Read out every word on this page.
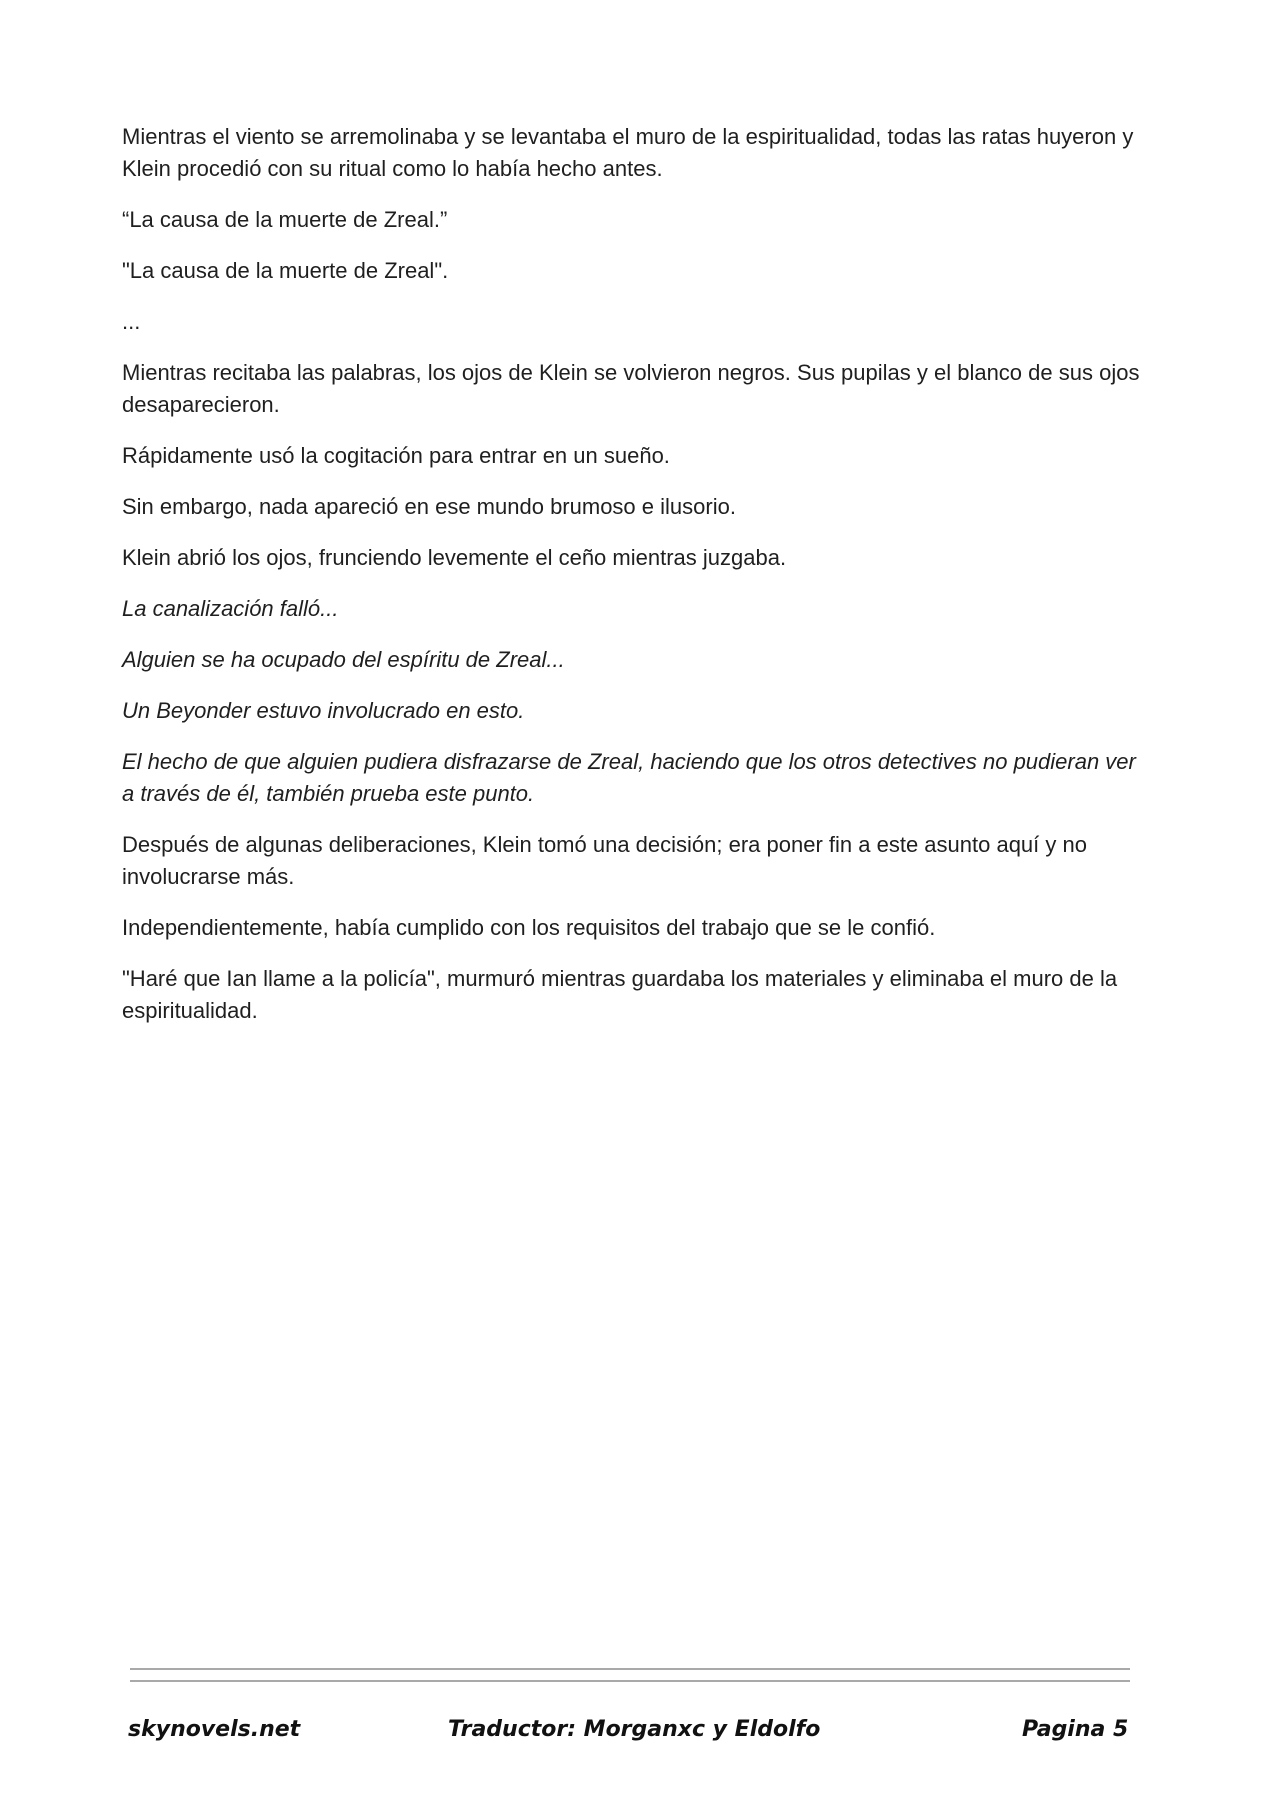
Mientras el viento se arremolinaba y se levantaba el muro de la espiritualidad, todas las ratas huyeron y Klein procedió con su ritual como lo había hecho antes.

“La causa de la muerte de Zreal.”

"La causa de la muerte de Zreal".

...

Mientras recitaba las palabras, los ojos de Klein se volvieron negros. Sus pupilas y el blanco de sus ojos desaparecieron.

Rápidamente usó la cogitación para entrar en un sueño.

Sin embargo, nada apareció en ese mundo brumoso e ilusorio.

Klein abrió los ojos, frunciendo levemente el ceño mientras juzgaba.

La canalización falló...

Alguien se ha ocupado del espíritu de Zreal...

Un Beyonder estuvo involucrado en esto.

El hecho de que alguien pudiera disfrazarse de Zreal, haciendo que los otros detectives no pudieran ver a través de él, también prueba este punto.

Después de algunas deliberaciones, Klein tomó una decisión; era poner fin a este asunto aquí y no involucrarse más.

Independientemente, había cumplido con los requisitos del trabajo que se le confió.

"Haré que Ian llame a la policía", murmuró mientras guardaba los materiales y eliminaba el muro de la espiritualidad.

skynovels.net	Traductor: Morganxc y Eldolfo	Pagina 5
